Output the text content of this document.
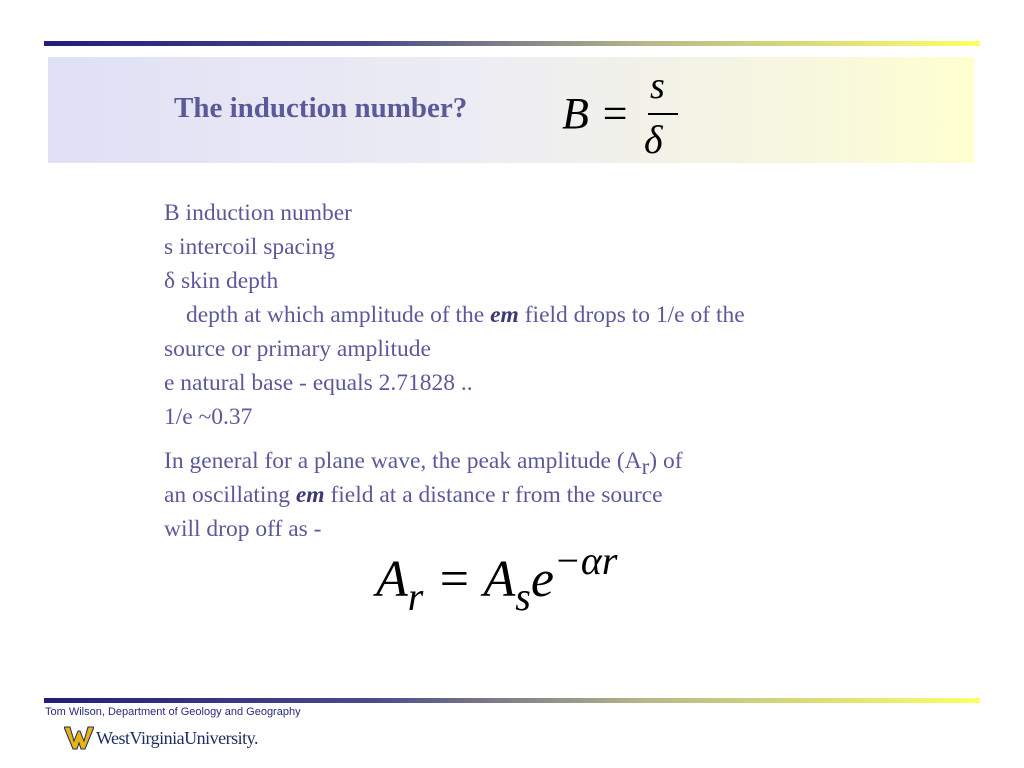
The induction number? B =
s
δ

B induction number

s intercoil spacing

δ skin depth

depth at which amplitude of the em field drops to 1/e of the

source or primary amplitude

e natural base - equals 2.71828 ..

1/e ~0.37

In general for a plane wave, the peak amplitude $(A_r)$ of

an oscillating em field at a distance r from the source

will drop off as -

$A_r = A_se^{-\alpha r}$
Tom Wilson, Department of Geology and Geography
WestVirginiaUniversity.
